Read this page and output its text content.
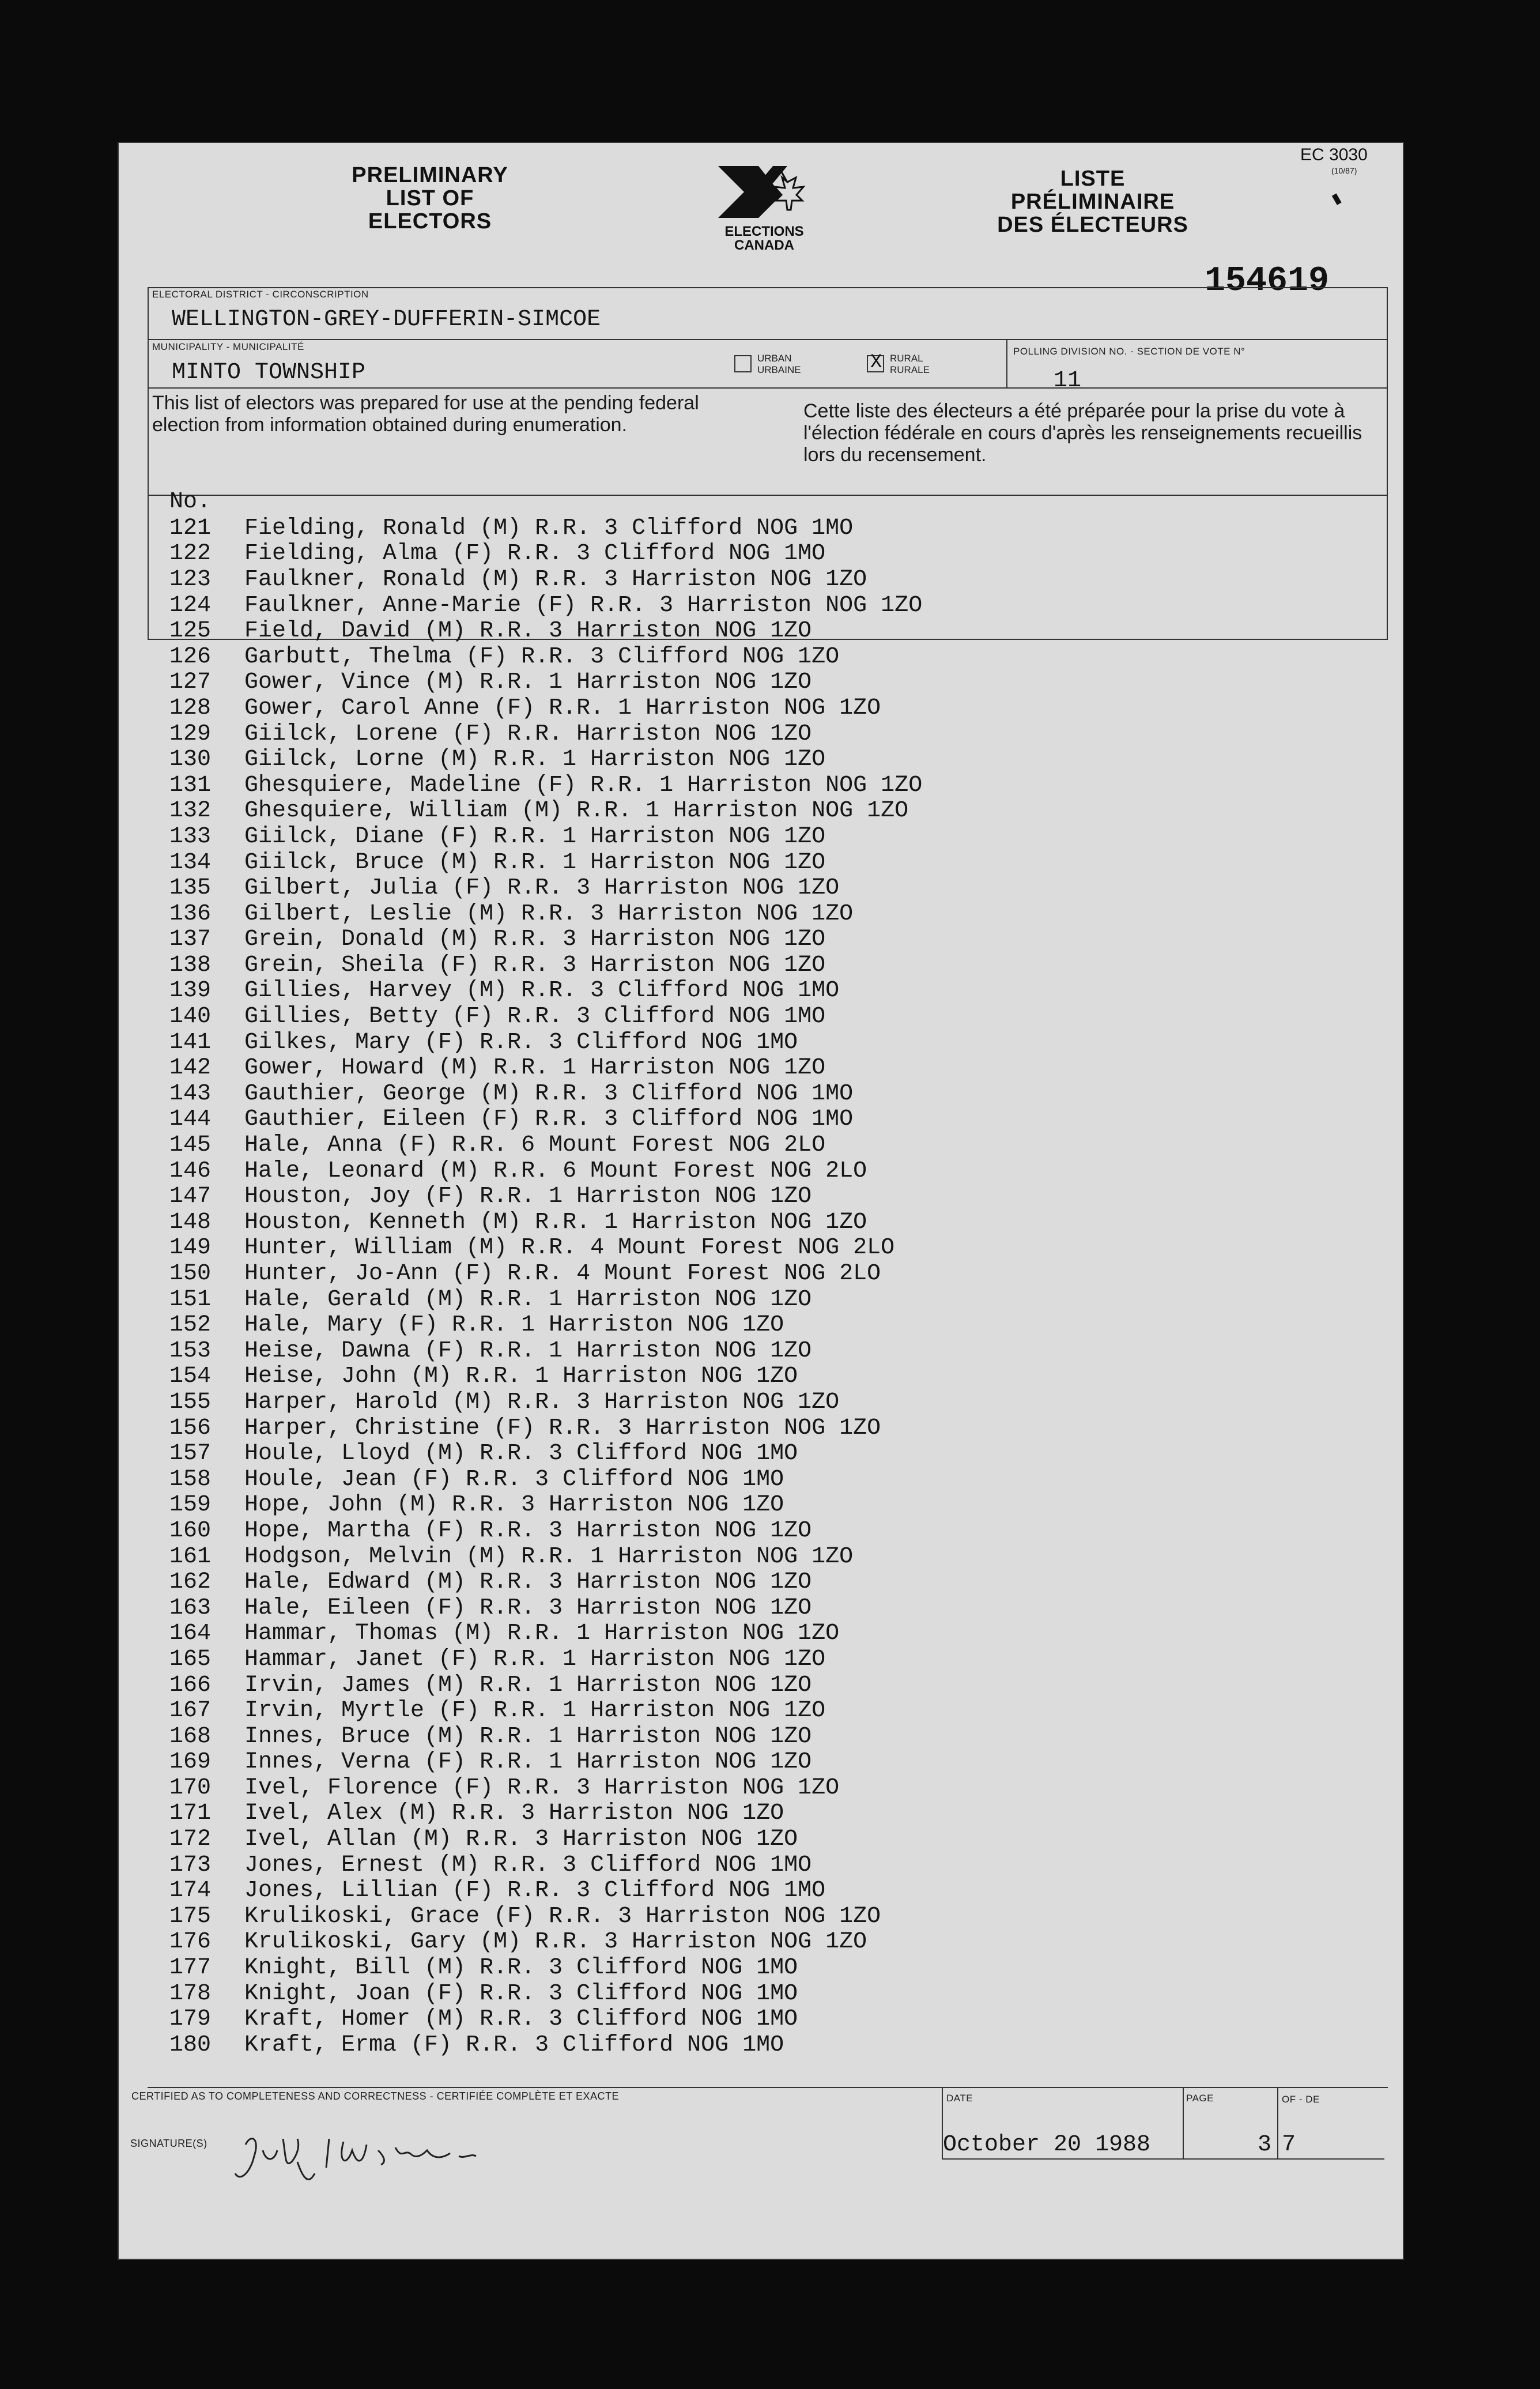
PRELIMINARY
LIST OF
ELECTORS	ELECTIONS
CANADA
LISTE
PRÉLIMINAIRE
DES ÉLECTEURS
EC 3030
(10/87)
▮
154619
ELECTORAL DISTRICT - CIRCONSCRIPTION
WELLINGTON-GREY-DUFFERIN-SIMCOE
MUNICIPALITY - MUNICIPALITÉ
MINTO TOWNSHIP
URBAN
URBAINE	X RURAL
RURALE
POLLING DIVISION NO. - SECTION DE VOTE N°
11
This list of electors was prepared for use at the pending federal election from information obtained during enumeration.
Cette liste des électeurs a été préparée pour la prise du vote à l'élection fédérale en cours d'après les renseignements recueillis lors du recensement.
No.
121	Fielding, Ronald (M) R.R. 3 Clifford NOG 1MO
122	Fielding, Alma (F) R.R. 3 Clifford NOG 1MO
123	Faulkner, Ronald (M) R.R. 3 Harriston NOG 1ZO
124	Faulkner, Anne-Marie (F) R.R. 3 Harriston NOG 1ZO
125	Field, David (M) R.R. 3 Harriston NOG 1ZO
126	Garbutt, Thelma (F) R.R. 3 Clifford NOG 1ZO
127	Gower, Vince (M) R.R. 1 Harriston NOG 1ZO
128	Gower, Carol Anne (F) R.R. 1 Harriston NOG 1ZO
129	Giilck, Lorene (F) R.R. Harriston NOG 1ZO
130	Giilck, Lorne (M) R.R. 1 Harriston NOG 1ZO
131	Ghesquiere, Madeline (F) R.R. 1 Harriston NOG 1ZO
132	Ghesquiere, William (M) R.R. 1 Harriston NOG 1ZO
133	Giilck, Diane (F) R.R. 1 Harriston NOG 1ZO
134	Giilck, Bruce (M) R.R. 1 Harriston NOG 1ZO
135	Gilbert, Julia (F) R.R. 3 Harriston NOG 1ZO
136	Gilbert, Leslie (M) R.R. 3 Harriston NOG 1ZO
137	Grein, Donald (M) R.R. 3 Harriston NOG 1ZO
138	Grein, Sheila (F) R.R. 3 Harriston NOG 1ZO
139	Gillies, Harvey (M) R.R. 3 Clifford NOG 1MO
140	Gillies, Betty (F) R.R. 3 Clifford NOG 1MO
141	Gilkes, Mary (F) R.R. 3 Clifford NOG 1MO
142	Gower, Howard (M) R.R. 1 Harriston NOG 1ZO
143	Gauthier, George (M) R.R. 3 Clifford NOG 1MO
144	Gauthier, Eileen (F) R.R. 3 Clifford NOG 1MO
145	Hale, Anna (F) R.R. 6 Mount Forest NOG 2LO
146	Hale, Leonard (M) R.R. 6 Mount Forest NOG 2LO
147	Houston, Joy (F) R.R. 1 Harriston NOG 1ZO
148	Houston, Kenneth (M) R.R. 1 Harriston NOG 1ZO
149	Hunter, William (M) R.R. 4 Mount Forest NOG 2LO
150	Hunter, Jo-Ann (F) R.R. 4 Mount Forest NOG 2LO
151	Hale, Gerald (M) R.R. 1 Harriston NOG 1ZO
152	Hale, Mary (F) R.R. 1 Harriston NOG 1ZO
153	Heise, Dawna (F) R.R. 1 Harriston NOG 1ZO
154	Heise, John (M) R.R. 1 Harriston NOG 1ZO
155	Harper, Harold (M) R.R. 3 Harriston NOG 1ZO
156	Harper, Christine (F) R.R. 3 Harriston NOG 1ZO
157	Houle, Lloyd (M) R.R. 3 Clifford NOG 1MO
158	Houle, Jean (F) R.R. 3 Clifford NOG 1MO
159	Hope, John (M) R.R. 3 Harriston NOG 1ZO
160	Hope, Martha (F) R.R. 3 Harriston NOG 1ZO
161	Hodgson, Melvin (M) R.R. 1 Harriston NOG 1ZO
162	Hale, Edward (M) R.R. 3 Harriston NOG 1ZO
163	Hale, Eileen (F) R.R. 3 Harriston NOG 1ZO
164	Hammar, Thomas (M) R.R. 1 Harriston NOG 1ZO
165	Hammar, Janet (F) R.R. 1 Harriston NOG 1ZO
166	Irvin, James (M) R.R. 1 Harriston NOG 1ZO
167	Irvin, Myrtle (F) R.R. 1 Harriston NOG 1ZO
168	Innes, Bruce (M) R.R. 1 Harriston NOG 1ZO
169	Innes, Verna (F) R.R. 1 Harriston NOG 1ZO
170	Ivel, Florence (F) R.R. 3 Harriston NOG 1ZO
171	Ivel, Alex (M) R.R. 3 Harriston NOG 1ZO
172	Ivel, Allan (M) R.R. 3 Harriston NOG 1ZO
173	Jones, Ernest (M) R.R. 3 Clifford NOG 1MO
174	Jones, Lillian (F) R.R. 3 Clifford NOG 1MO
175	Krulikoski, Grace (F) R.R. 3 Harriston NOG 1ZO
176	Krulikoski, Gary (M) R.R. 3 Harriston NOG 1ZO
177	Knight, Bill (M) R.R. 3 Clifford NOG 1MO
178	Knight, Joan (F) R.R. 3 Clifford NOG 1MO
179	Kraft, Homer (M) R.R. 3 Clifford NOG 1MO
180	Kraft, Erma (F) R.R. 3 Clifford NOG 1MO
CERTIFIED AS TO COMPLETENESS AND CORRECTNESS - CERTIFIÉE COMPLÈTE ET EXACTE
SIGNATURE(S)
DATE
October 20 1988
PAGE
3
OF - DE
7
